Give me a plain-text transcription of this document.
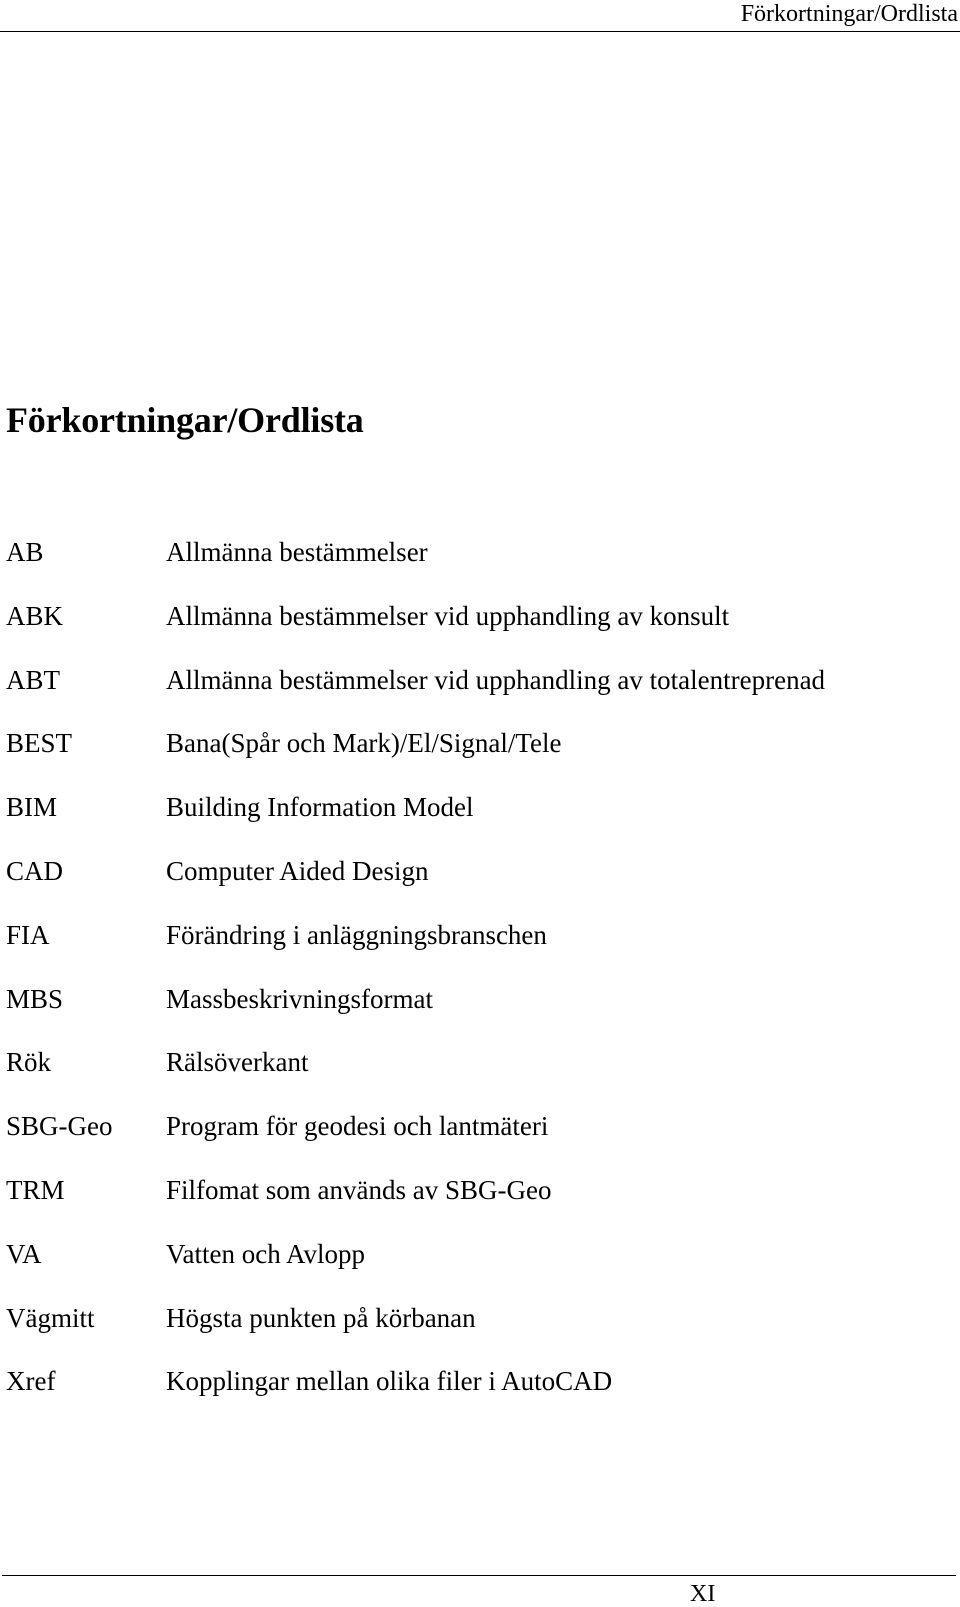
Förkortningar/Ordlista
Förkortningar/Ordlista
AB	Allmänna bestämmelser
ABK	Allmänna bestämmelser vid upphandling av konsult
ABT	Allmänna bestämmelser vid upphandling av totalentreprenad
BEST	Bana(Spår och Mark)/El/Signal/Tele
BIM	Building Information Model
CAD	Computer Aided Design
FIA	Förändring i anläggningsbranschen
MBS	Massbeskrivningsformat
Rök	Rälsöverkant
SBG-Geo Program för geodesi och lantmäteri
TRM	Filfomat som används av SBG-Geo
VA	Vatten och Avlopp
Vägmitt	Högsta punkten på körbanan
Xref	Kopplingar mellan olika filer i AutoCAD
XI
